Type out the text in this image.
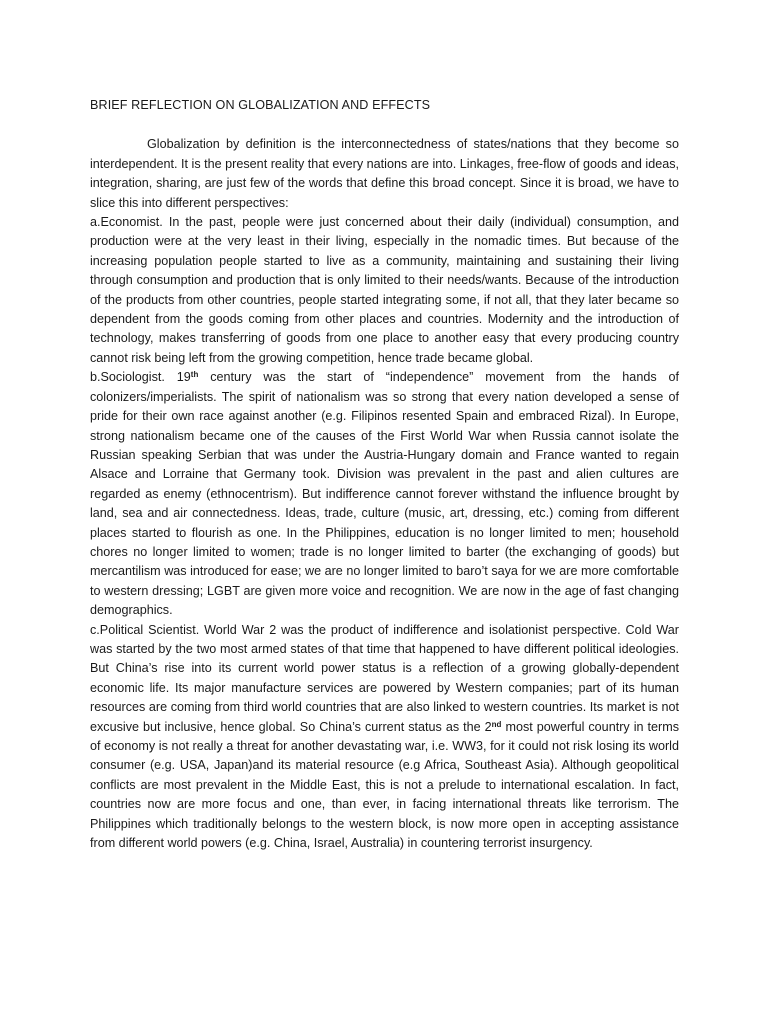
BRIEF REFLECTION ON GLOBALIZATION AND EFFECTS

Globalization by definition is the interconnectedness of states/nations that they become so interdependent. It is the present reality that every nations are into. Linkages, free-flow of goods and ideas, integration, sharing, are just few of the words that define this broad concept. Since it is broad, we have to slice this into different perspectives:

a.Economist. In the past, people were just concerned about their daily (individual) consumption, and production were at the very least in their living, especially in the nomadic times. But because of the increasing population people started to live as a community, maintaining and sustaining their living through consumption and production that is only limited to their needs/wants. Because of the introduction of the products from other countries, people started integrating some, if not all, that they later became so dependent from the goods coming from other places and countries. Modernity and the introduction of technology, makes transferring of goods from one place to another easy that every producing country cannot risk being left from the growing competition, hence trade became global.

b.Sociologist. 19th century was the start of “independence” movement from the hands of colonizers/imperialists. The spirit of nationalism was so strong that every nation developed a sense of pride for their own race against another (e.g. Filipinos resented Spain and embraced Rizal). In Europe, strong nationalism became one of the causes of the First World War when Russia cannot isolate the Russian speaking Serbian that was under the Austria-Hungary domain and France wanted to regain Alsace and Lorraine that Germany took. Division was prevalent in the past and alien cultures are regarded as enemy (ethnocentrism). But indifference cannot forever withstand the influence brought by land, sea and air connectedness. Ideas, trade, culture (music, art, dressing, etc.) coming from different places started to flourish as one. In the Philippines, education is no longer limited to men; household chores no longer limited to women; trade is no longer limited to barter (the exchanging of goods) but mercantilism was introduced for ease; we are no longer limited to baro’t saya for we are more comfortable to western dressing; LGBT are given more voice and recognition. We are now in the age of fast changing demographics.

c.Political Scientist. World War 2 was the product of indifference and isolationist perspective. Cold War was started by the two most armed states of that time that happened to have different political ideologies. But China’s rise into its current world power status is a reflection of a growing globally-dependent economic life. Its major manufacture services are powered by Western companies; part of its human resources are coming from third world countries that are also linked to western countries. Its market is not excusive but inclusive, hence global. So China’s current status as the 2nd most powerful country in terms of economy is not really a threat for another devastating war, i.e. WW3, for it could not risk losing its world consumer (e.g. USA, Japan)and its material resource (e.g Africa, Southeast Asia). Although geopolitical conflicts are most prevalent in the Middle East, this is not a prelude to international escalation. In fact, countries now are more focus and one, than ever, in facing international threats like terrorism. The Philippines which traditionally belongs to the western block, is now more open in accepting assistance from different world powers (e.g. China, Israel, Australia) in countering terrorist insurgency.
